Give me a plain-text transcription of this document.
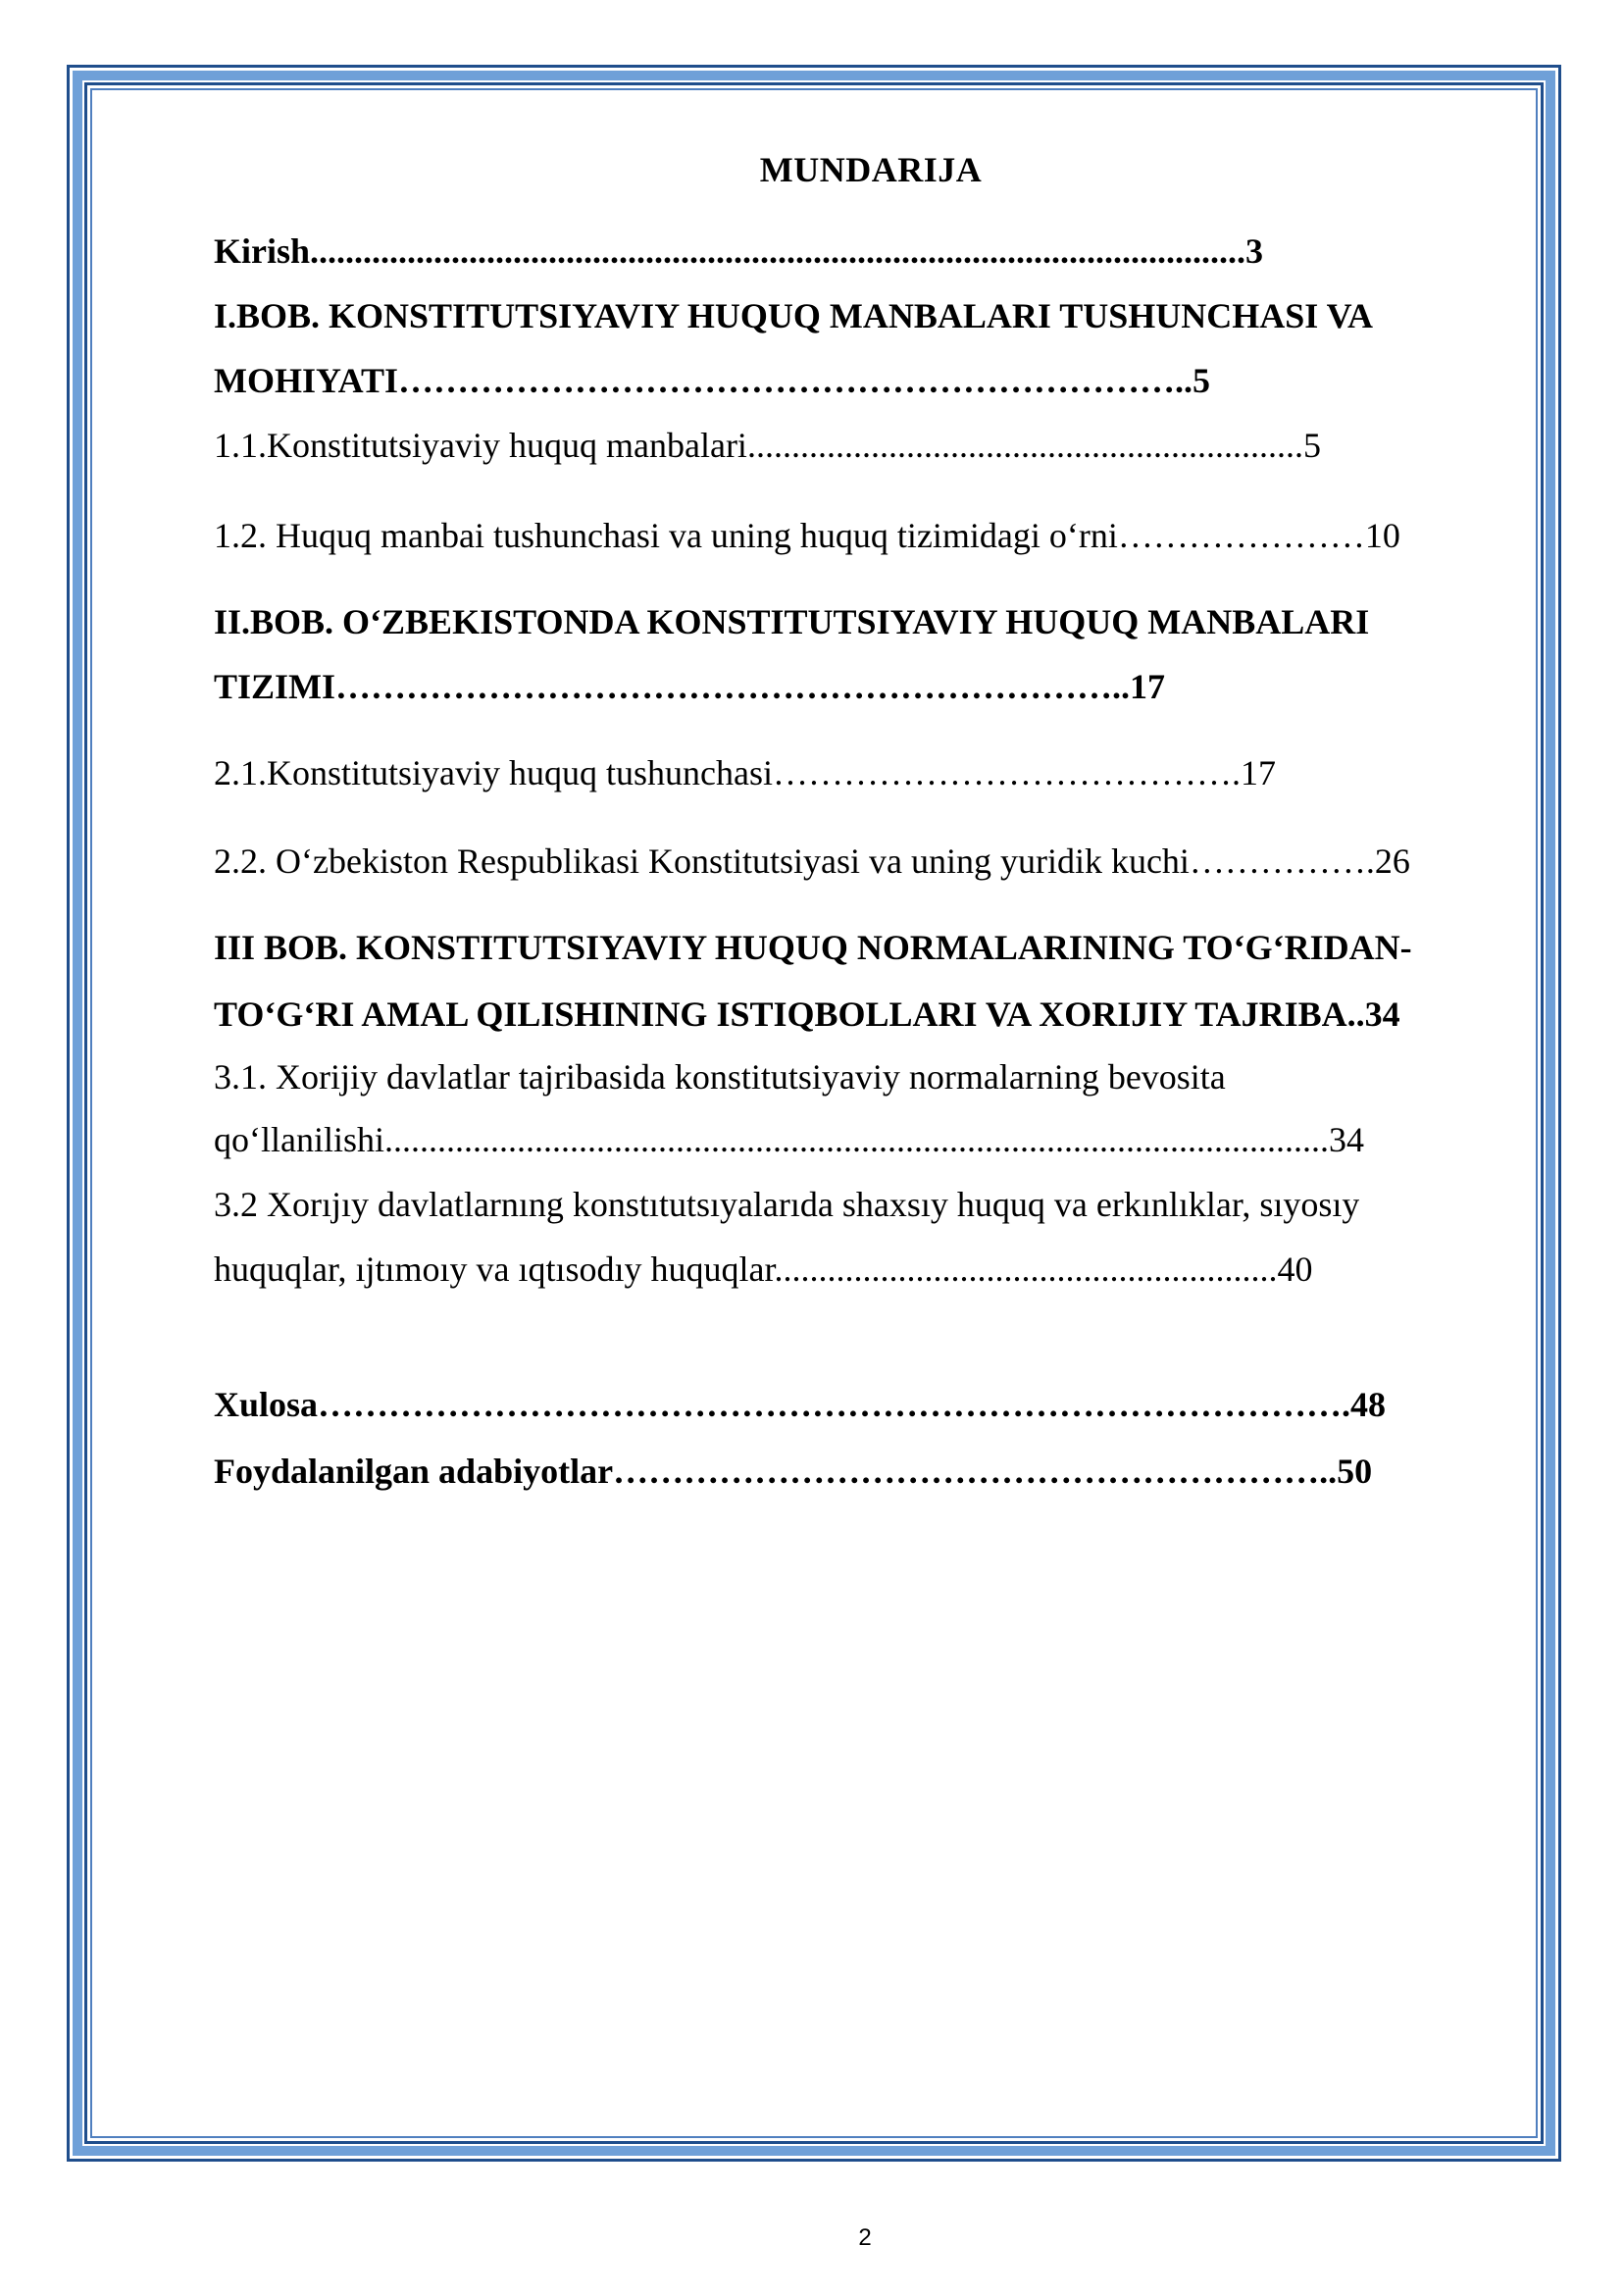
MUNDARIJA
Kirish..........................................................................................................3
I.BOB. KONSTITUTSIYAVIY HUQUQ MANBALARI TUSHUNCHASI VA
MOHIYATI…………………………………………………………..5
1.1.Konstitutsiyaviy huquq manbalari...............................................................5
1.2. Huquq manbai tushunchasi va uning huquq tizimidagi oʻrni…………………10
II.BOB. OʻZBEKISTONDA KONSTITUTSIYAVIY HUQUQ MANBALARI
TIZIMI…………………………………………………………..17
2.1.Konstitutsiyaviy huquq tushunchasi………………………………….17
2.2. Oʻzbekiston Respublikasi Konstitutsiyasi va uning yuridik kuchi…………….26
III BOB. KONSTITUTSIYAVIY HUQUQ NORMALARINING TOʻGʻRIDAN-
TOʻGʻRI AMAL QILISHINING ISTIQBOLLARI VA XORIJIY TAJRIBA..34
3.1. Xorijiy davlatlar tajribasida konstitutsiyaviy normalarning bevosita
qoʻllanilishi...........................................................................................................34
3.2 Xorıjıy davlatlarnıng konstıtutsıyalarıda shaxsıy huquq va erkınlıklar, sıyosıy
huquqlar, ıjtımoıy va ıqtısodıy huquqlar.........................................................40
Xulosa…………………………………………………………………………….48
Foydalanilgan adabiyotlar……………………………………………………..50
2
